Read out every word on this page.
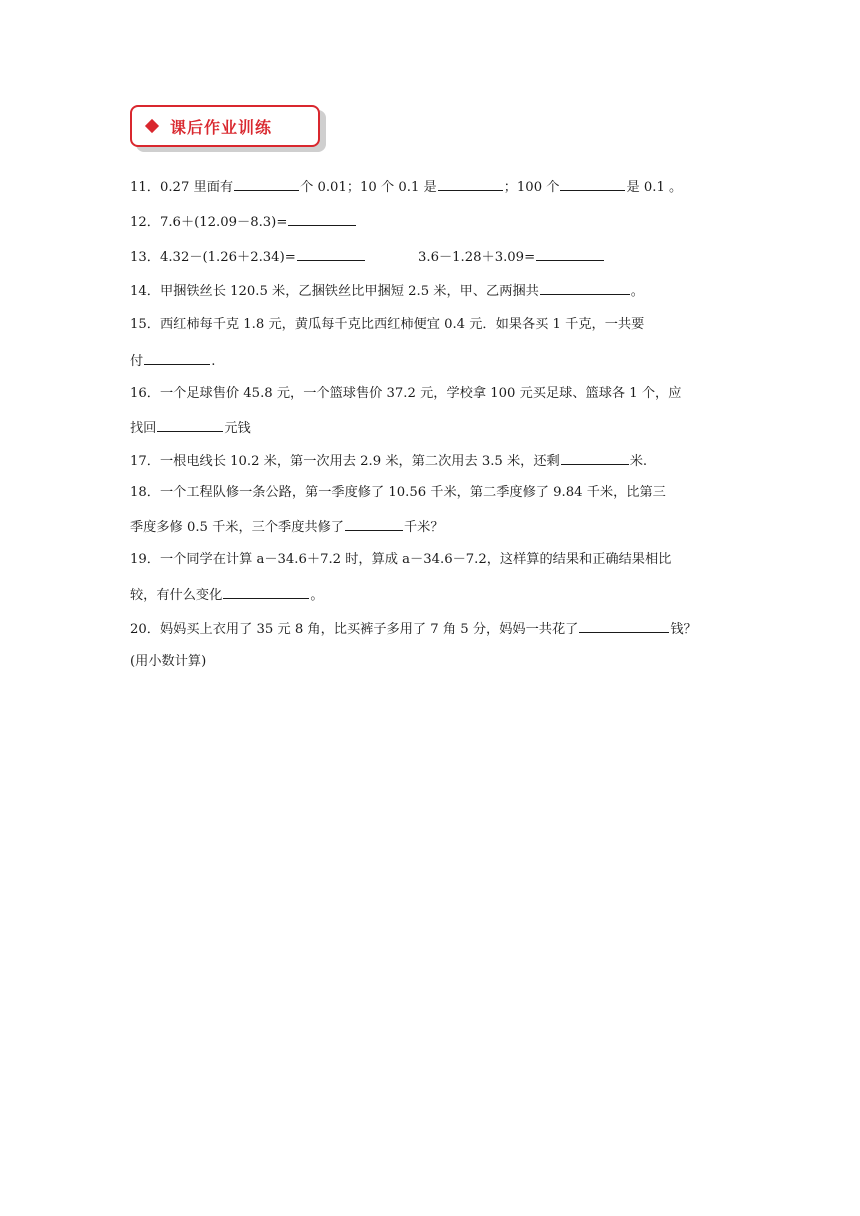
课后作业训练
11．0.27 里面有	个 0.01；10 个 0.1 是	；100 个	是 0.1 。
12．7.6＋(12.09－8.3)=
13．4.32－(1.26＋2.34)=	3.6－1.28＋3.09=
14．甲捆铁丝长 120.5 米，乙捆铁丝比甲捆短 2.5 米，甲、乙两捆共	。
15．西红柿每千克 1.8 元，黄瓜每千克比西红柿便宜 0.4 元．如果各买 1 千克，一共要
付	.
16．一个足球售价 45.8 元，一个篮球售价 37.2 元，学校拿 100 元买足球、篮球各 1 个，应
找回	元钱
17．一根电线长 10.2 米，第一次用去 2.9 米，第二次用去 3.5 米，还剩	米.
18．一个工程队修一条公路，第一季度修了 10.56 千米，第二季度修了 9.84 千米，比第三
季度多修 0.5 千米，三个季度共修了	千米？
19．一个同学在计算 a－34.6＋7.2 时，算成 a－34.6－7.2，这样算的结果和正确结果相比
较，有什么变化	。
20．妈妈买上衣用了 35 元 8 角，比买裤子多用了 7 角 5 分，妈妈一共花了	钱？
(用小数计算)
